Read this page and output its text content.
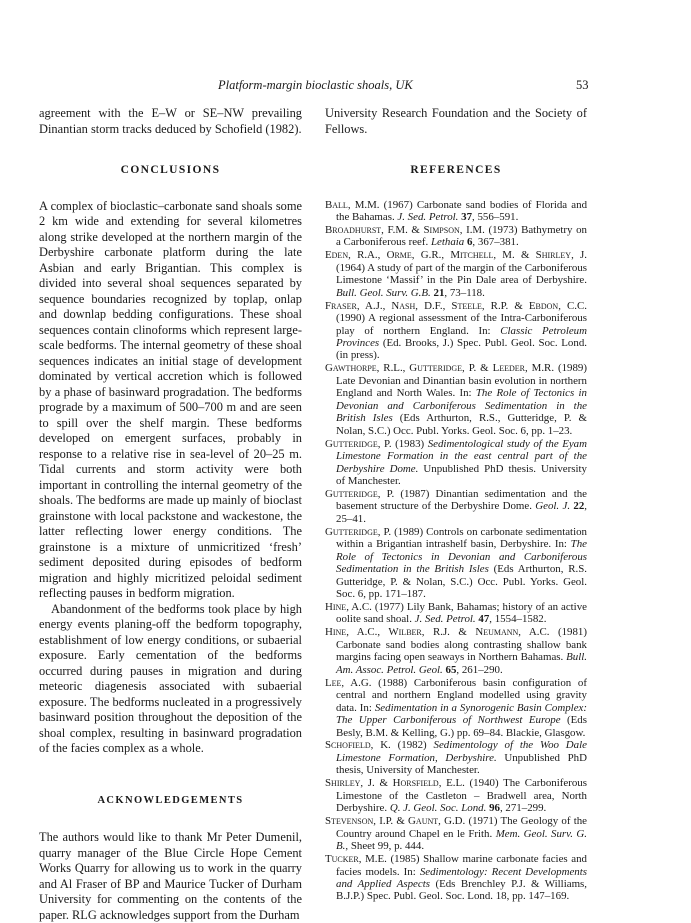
Platform-margin bioclastic shoals, UK	53

agreement with the E–W or SE–NW prevailing Dinantian storm tracks deduced by Schofield (1982).

CONCLUSIONS

A complex of bioclastic–carbonate sand shoals some 2 km wide and extending for several kilometres along strike developed at the northern margin of the Derbyshire carbonate platform during the late Asbian and early Brigantian. This complex is divided into several shoal sequences separated by sequence boundaries recognized by toplap, onlap and downlap bedding configurations. These shoal sequences contain clinoforms which represent large-scale bedforms. The internal geometry of these shoal sequences indicates an initial stage of development dominated by vertical accretion which is followed by a phase of basinward progradation. The bedforms prograde by a maximum of 500–700 m and are seen to spill over the shelf margin. These bedforms developed on emergent surfaces, probably in response to a relative rise in sea-level of 20–25 m. Tidal currents and storm activity were both important in controlling the internal geometry of the shoals. The bedforms are made up mainly of bioclast grainstone with local packstone and wackestone, the latter reflecting lower energy conditions. The grainstone is a mixture of unmicritized ‘fresh’ sediment deposited during episodes of bedform migration and highly micritized peloidal sediment reflecting pauses in bedform migration.

Abandonment of the bedforms took place by high energy events planing-off the bedform topography, establishment of low energy conditions, or subaerial exposure. Early cementation of the bedforms occurred during pauses in migration and during meteoric diagenesis associated with subaerial exposure. The bedforms nucleated in a progressively basinward position throughout the deposition of the shoal complex, resulting in basinward progradation of the facies complex as a whole.

ACKNOWLEDGEMENTS

The authors would like to thank Mr Peter Dumenil, quarry manager of the Blue Circle Hope Cement Works Quarry for allowing us to work in the quarry and Al Fraser of BP and Maurice Tucker of Durham University for commenting on the contents of the paper. RLG acknowledges support from the Durham

University Research Foundation and the Society of Fellows.

REFERENCES

Ball, M.M. (1967) Carbonate sand bodies of Florida and the Bahamas. J. Sed. Petrol. 37, 556–591.

Broadhurst, F.M. & Simpson, I.M. (1973) Bathymetry on a Carboniferous reef. Lethaia 6, 367–381.

Eden, R.A., Orme, G.R., Mitchell, M. & Shirley, J. (1964) A study of part of the margin of the Carboniferous Limestone ‘Massif’ in the Pin Dale area of Derbyshire. Bull. Geol. Surv. G.B. 21, 73–118.

Fraser, A.J., Nash, D.F., Steele, R.P. & Ebdon, C.C. (1990) A regional assessment of the Intra-Carboniferous play of northern England. In: Classic Petroleum Provinces (Ed. Brooks, J.) Spec. Publ. Geol. Soc. Lond. (in press).

Gawthorpe, R.L., Gutteridge, P. & Leeder, M.R. (1989) Late Devonian and Dinantian basin evolution in northern England and North Wales. In: The Role of Tectonics in Devonian and Carboniferous Sedimentation in the British Isles (Eds Arthurton, R.S., Gutteridge, P. & Nolan, S.C.) Occ. Publ. Yorks. Geol. Soc. 6, pp. 1–23.

Gutteridge, P. (1983) Sedimentological study of the Eyam Limestone Formation in the east central part of the Derbyshire Dome. Unpublished PhD thesis. University of Manchester.

Gutteridge, P. (1987) Dinantian sedimentation and the basement structure of the Derbyshire Dome. Geol. J. 22, 25–41.

Gutteridge, P. (1989) Controls on carbonate sedimentation within a Brigantian intrashelf basin, Derbyshire. In: The Role of Tectonics in Devonian and Carboniferous Sedimentation in the British Isles (Eds Arthurton, R.S. Gutteridge, P. & Nolan, S.C.) Occ. Publ. Yorks. Geol. Soc. 6, pp. 171–187.

Hine, A.C. (1977) Lily Bank, Bahamas; history of an active oolite sand shoal. J. Sed. Petrol. 47, 1554–1582.

Hine, A.C., Wilber, R.J. & Neumann, A.C. (1981) Carbonate sand bodies along contrasting shallow bank margins facing open seaways in Northern Bahamas. Bull. Am. Assoc. Petrol. Geol. 65, 261–290.

Lee, A.G. (1988) Carboniferous basin configuration of central and northern England modelled using gravity data. In: Sedimentation in a Synorogenic Basin Complex: The Upper Carboniferous of Northwest Europe (Eds Besly, B.M. & Kelling, G.) pp. 69–84. Blackie, Glasgow.

Schofield, K. (1982) Sedimentology of the Woo Dale Limestone Formation, Derbyshire. Unpublished PhD thesis, University of Manchester.

Shirley, J. & Horsfield, E.L. (1940) The Carboniferous Limestone of the Castleton – Bradwell area, North Derbyshire. Q. J. Geol. Soc. Lond. 96, 271–299.

Stevenson, I.P. & Gaunt, G.D. (1971) The Geology of the Country around Chapel en le Frith. Mem. Geol. Surv. G. B., Sheet 99, p. 444.

Tucker, M.E. (1985) Shallow marine carbonate facies and facies models. In: Sedimentology: Recent Developments and Applied Aspects (Eds Brenchley P.J. & Williams, B.J.P.) Spec. Publ. Geol. Soc. Lond. 18, pp. 147–169.
